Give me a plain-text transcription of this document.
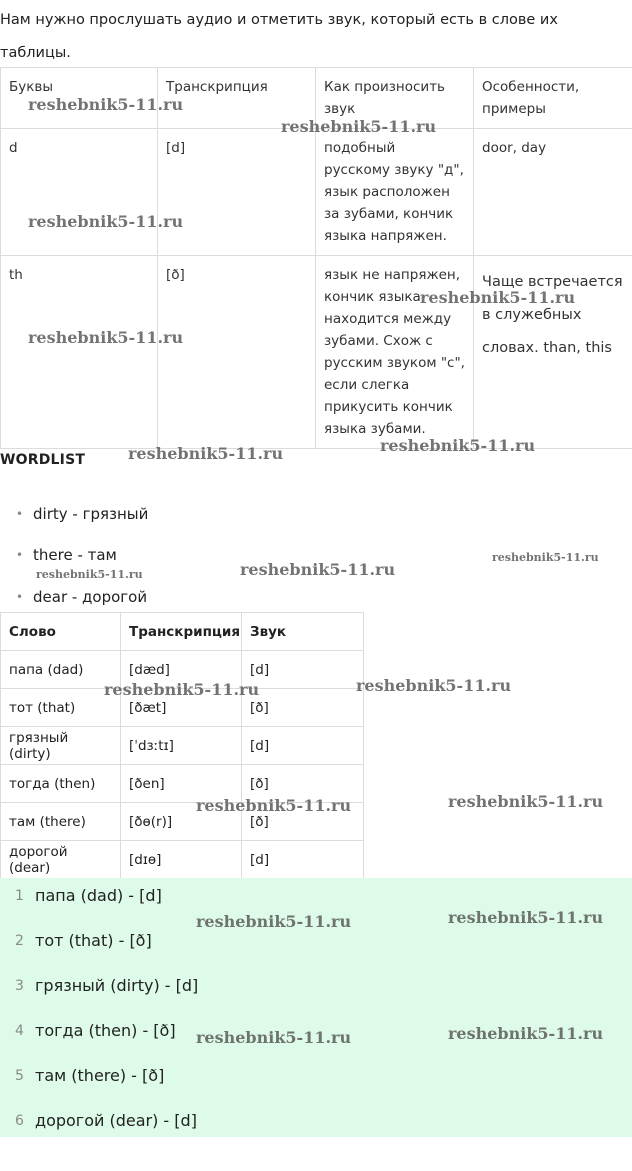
Нам нужно прослушать аудио и отметить звук, который есть в слове их таблицы.
Буквы	Транскрипция	Как произносить звук	Особенности, примеры
d	[d]	подобный русскому звуку "д", язык расположен за зубами, кончик языка напряжен.	door, day
th	[ð]	язык не напряжен, кончик языка находится между зубами. Схож с русским звуком "с", если слегка прикусить кончик языка зубами.	Чаще встречается в служебных словах. than, this
WORDLIST
• dirty - грязный
• there - там
• dear - дорогой
Слово	Транскрипция	Звук
папа (dad)	[dæd]	[d]
тот (that)	[ðæt]	[ð]
грязный (dirty)	[ˈdɜːtɪ]	[d]
тогда (then)	[ðen]	[ð]
там (there)	[ðɵ(r)]	[ð]
дорогой (dear)	[dɪɵ]	[d]
1 папа (dad) - [d]
2 тот (that) - [ð]
3 грязный (dirty) - [d]
4 тогда (then) - [ð]
5 там (there) - [ð]
6 дорогой (dear) - [d]
reshebnik5-11.ru
reshebnik5-11.ru
reshebnik5-11.ru
reshebnik5-11.ru
reshebnik5-11.ru
reshebnik5-11.ru
reshebnik5-11.ru
reshebnik5-11.ru
reshebnik5-11.ru	reshebnik5-11.ru
reshebnik5-11.ru	reshebnik5-11.ru
reshebnik5-11.ru	reshebnik5-11.ru
reshebnik5-11.ru	reshebnik5-11.ru
reshebnik5-11.ru	reshebnik5-11.ru
